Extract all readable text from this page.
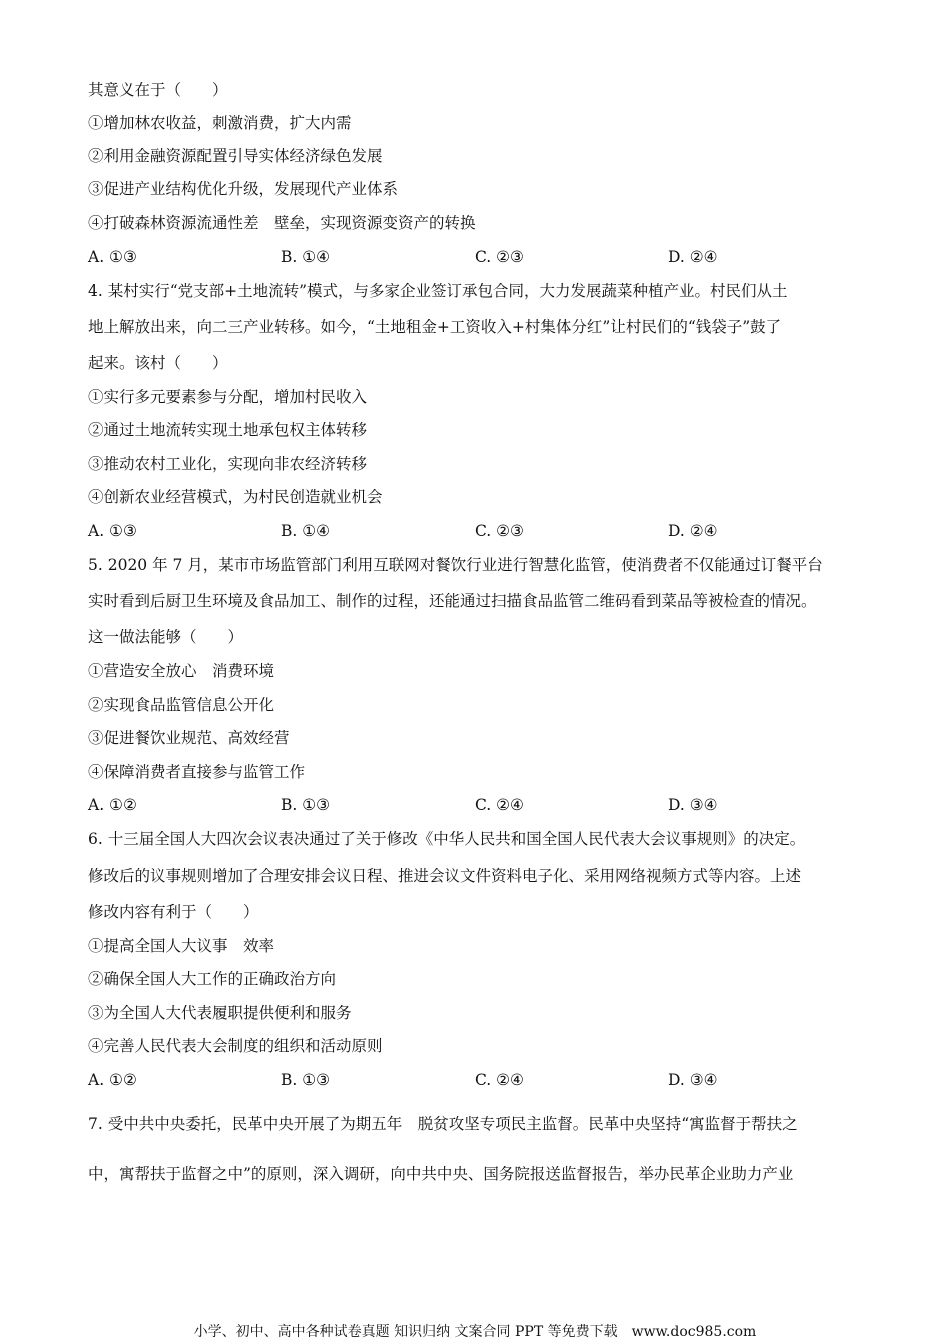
其意义在于（　　）
①增加林农收益，刺激消费，扩大内需
②利用金融资源配置引导实体经济绿色发展
③促进产业结构优化升级，发展现代产业体系
④打破森林资源流通性差　壁垒，实现资源变资产的转换
A. ①③	B. ①④	C. ②③	D. ②④
4. 某村实行“党支部+土地流转”模式，与多家企业签订承包合同，大力发展蔬菜种植产业。村民们从土
地上解放出来，向二三产业转移。如今，“土地租金+工资收入+村集体分红”让村民们的“钱袋子”鼓了
起来。该村（　　）
①实行多元要素参与分配，增加村民收入
②通过土地流转实现土地承包权主体转移
③推动农村工业化，实现向非农经济转移
④创新农业经营模式，为村民创造就业机会
A. ①③	B. ①④	C. ②③	D. ②④
5. 2020 年 7 月，某市市场监管部门利用互联网对餐饮行业进行智慧化监管，使消费者不仅能通过订餐平台
实时看到后厨卫生环境及食品加工、制作的过程，还能通过扫描食品监管二维码看到菜品等被检查的情况。
这一做法能够（　　）
①营造安全放心　消费环境
②实现食品监管信息公开化
③促进餐饮业规范、高效经营
④保障消费者直接参与监管工作
A. ①②	B. ①③	C. ②④	D. ③④
6. 十三届全国人大四次会议表决通过了关于修改《中华人民共和国全国人民代表大会议事规则》的决定。
修改后的议事规则增加了合理安排会议日程、推进会议文件资料电子化、采用网络视频方式等内容。上述
修改内容有利于（　　）
①提高全国人大议事　效率
②确保全国人大工作的正确政治方向
③为全国人大代表履职提供便利和服务
④完善人民代表大会制度的组织和活动原则
A. ①②	B. ①③	C. ②④	D. ③④
7. 受中共中央委托，民革中央开展了为期五年　脱贫攻坚专项民主监督。民革中央坚持“寓监督于帮扶之
中，寓帮扶于监督之中”的原则，深入调研，向中共中央、国务院报送监督报告，举办民革企业助力产业
小学、初中、高中各种试卷真题 知识归纳 文案合同 PPT 等免费下载　www.doc985.com
